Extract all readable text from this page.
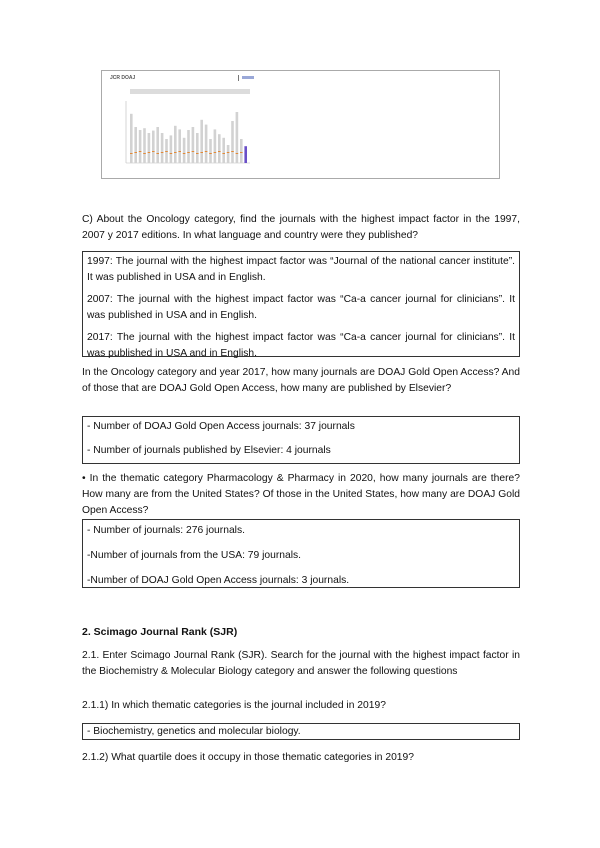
JCR DOAJ
C) About the Oncology category, find the journals with the highest impact factor in the 1997, 2007 y 2017 editions. In what language and country were they published?

1997: The journal with the highest impact factor was “Journal of the national cancer institute”. It was published in USA and in English.

2007: The journal with the highest impact factor was “Ca-a cancer journal for clinicians”. It was published in USA and in English.

2017: The journal with the highest impact factor was “Ca-a cancer journal for clinicians”. It was published in USA and in English.

In the Oncology category and year 2017, how many journals are DOAJ Gold Open Access? And of those that are DOAJ Gold Open Access, how many are published by Elsevier?

- Number of DOAJ Gold Open Access journals: 37 journals

- Number of journals published by Elsevier: 4 journals

• In the thematic category Pharmacology & Pharmacy in 2020, how many journals are there? How many are from the United States? Of those in the United States, how many are DOAJ Gold Open Access?

- Number of journals: 276 journals.

-Number of journals from the USA: 79 journals.

-Number of DOAJ Gold Open Access journals: 3 journals.

2. Scimago Journal Rank (SJR)
2.1. Enter Scimago Journal Rank (SJR). Search for the journal with the highest impact factor in the Biochemistry & Molecular Biology category and answer the following questions
2.1.1) In which thematic categories is the journal included in 2019?

- Biochemistry, genetics and molecular biology.

2.1.2) What quartile does it occupy in those thematic categories in 2019?
